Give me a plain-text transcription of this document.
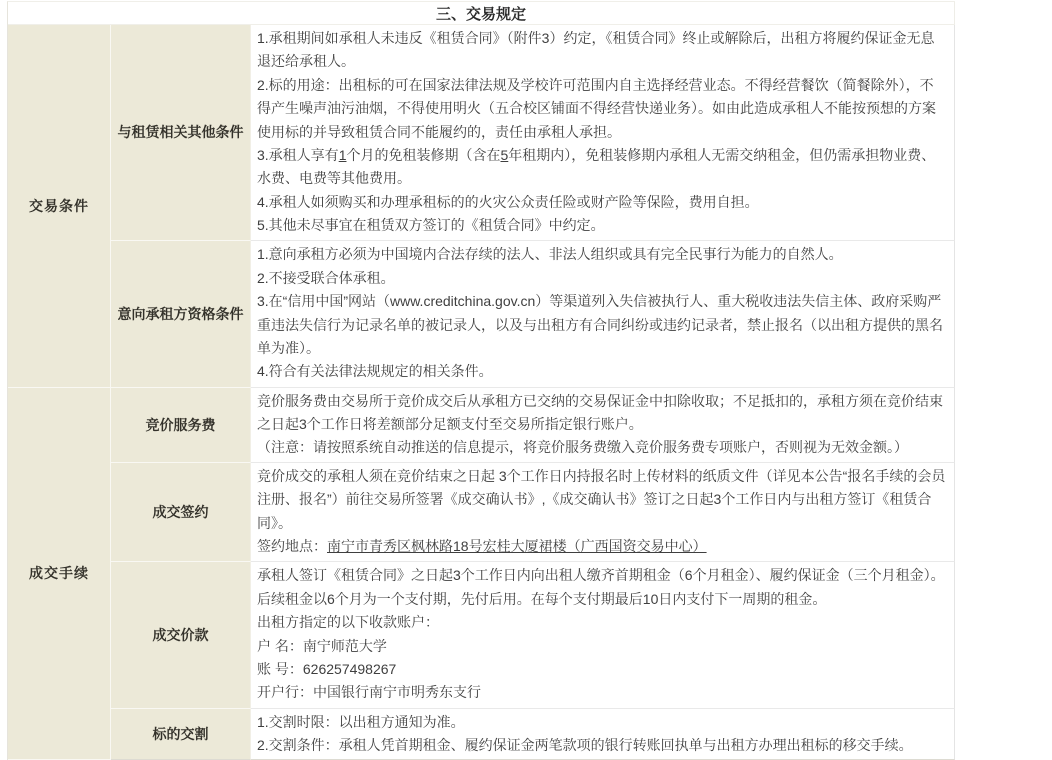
三、交易规定		
交易条件	与租赁相关其他条件	1.承租期间如承租人未违反《租赁合同》（附件3）约定，《租赁合同》终止或解除后，出租方将履约保证金无息退还给承租人。

2.标的用途：出租标的可在国家法律法规及学校许可范围内自主选择经营业态。不得经营餐饮（简餐除外），不得产生噪声油污油烟，不得使用明火（五合校区铺面不得经营快递业务）。如由此造成承租人不能按预想的方案使用标的并导致租赁合同不能履约的，责任由承租人承担。

3.承租人享有1个月的免租装修期（含在5年租期内），免租装修期内承租人无需交纳租金，但仍需承担物业费、水费、电费等其他费用。

4.承租人如须购买和办理承租标的的火灾公众责任险或财产险等保险，费用自担。

5.其他未尽事宜在租赁双方签订的《租赁合同》中约定。

	意向承租方资格条件	1.意向承租方必须为中国境内合法存续的法人、非法人组织或具有完全民事行为能力的自然人。

2.不接受联合体承租。

3.在“信用中国”网站（www.creditchina.gov.cn）等渠道列入失信被执行人、重大税收违法失信主体、政府采购严重违法失信行为记录名单的被记录人，以及与出租方有合同纠纷或违约记录者，禁止报名（以出租方提供的黑名单为准）。

4.符合有关法律法规规定的相关条件。

成交手续	竞价服务费	竞价服务费由交易所于竞价成交后从承租方已交纳的交易保证金中扣除收取；不足抵扣的，承租方须在竞价结束之日起3个工作日将差额部分足额支付至交易所指定银行账户。

（注意：请按照系统自动推送的信息提示，将竞价服务费缴入竞价服务费专项账户，否则视为无效金额。）

	成交签约	竞价成交的承租人须在竞价结束之日起 3个工作日内持报名时上传材料的纸质文件（详见本公告“报名手续的会员注册、报名”）前往交易所签署《成交确认书》,《成交确认书》签订之日起3个工作日内与出租方签订《租赁合同》。

签约地点：南宁市青秀区枫林路18号宏桂大厦裙楼（广西国资交易中心）

	成交价款	承租人签订《租赁合同》之日起3个工作日内向出租人缴齐首期租金（6个月租金）、履约保证金（三个月租金）。后续租金以6个月为一个支付期，先付后用。在每个支付期最后10日内支付下一周期的租金。

出租方指定的以下收款账户：

户 名：南宁师范大学

账 号：626257498267

开户行：中国银行南宁市明秀东支行

	标的交割	1.交割时限：以出租方通知为准。

2.交割条件：承租人凭首期租金、履约保证金两笔款项的银行转账回执单与出租方办理出租标的移交手续。
